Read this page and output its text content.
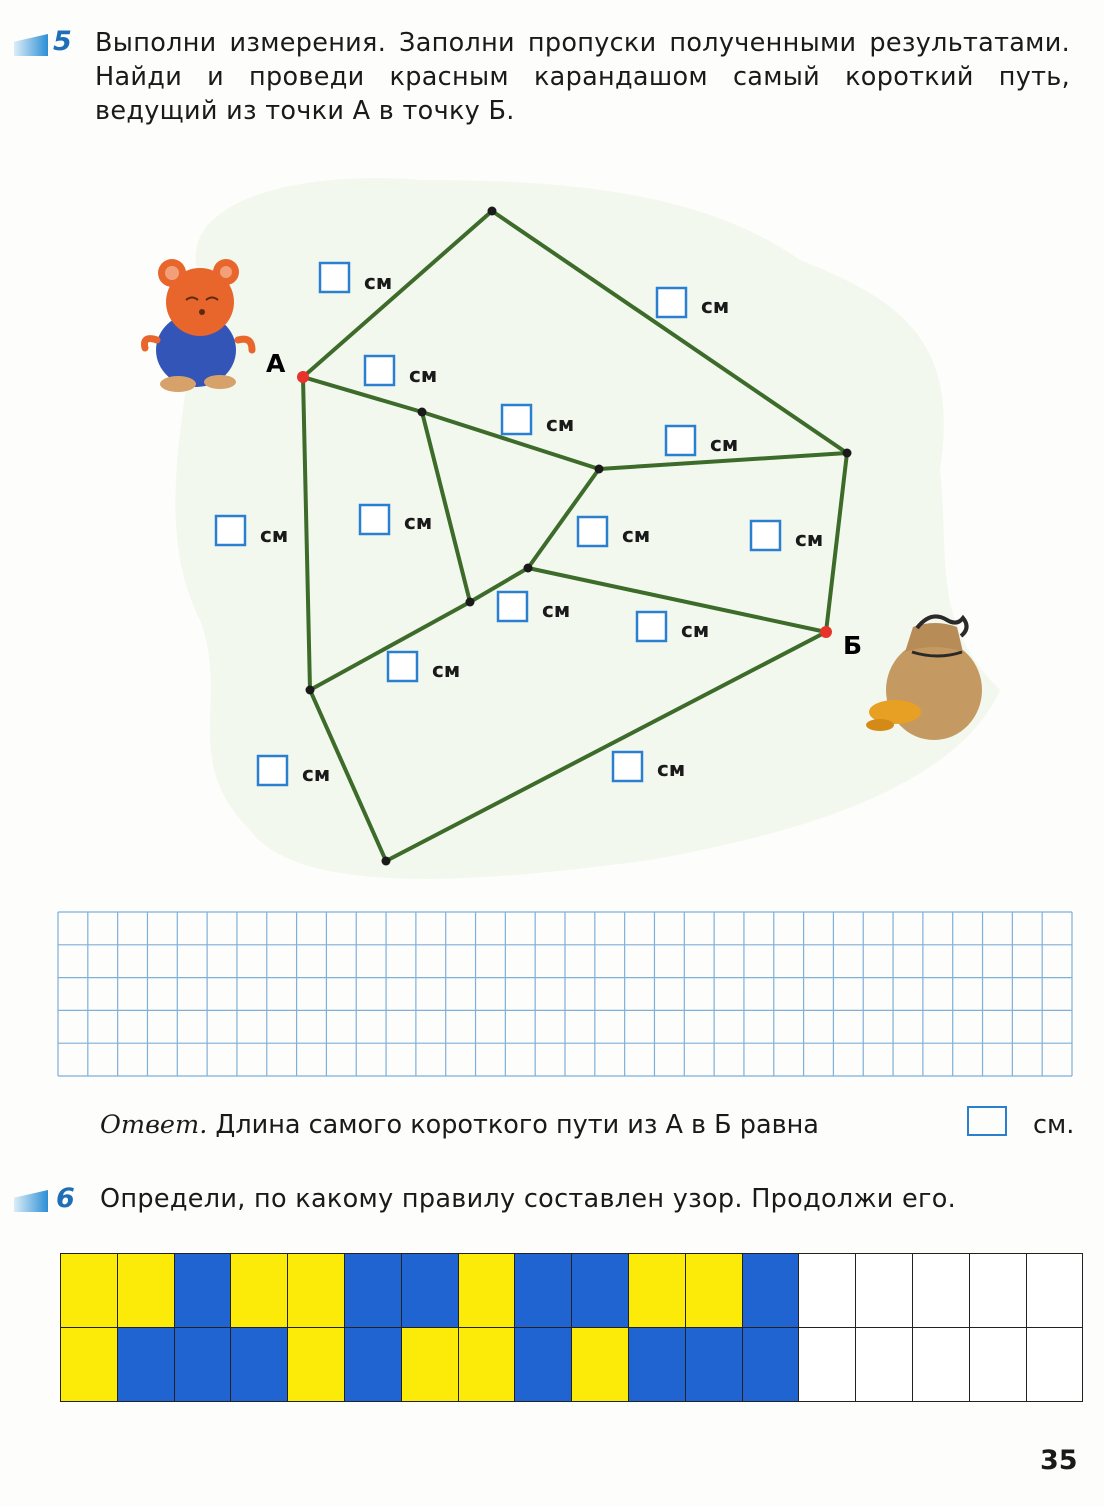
5 Выполни измерения. Заполни пропуски полученными результатами. Найди и проведи красным карандашом самый короткий путь, ведущий из точки А в точку Б.
А
Б
см
см
см
см
см
см
см
см	см
см
см
см
см	см
Ответ. Длина самого короткого пути из А в Б равна	см.
6 Определи, по какому правилу составлен узор. Продолжи его.

35
